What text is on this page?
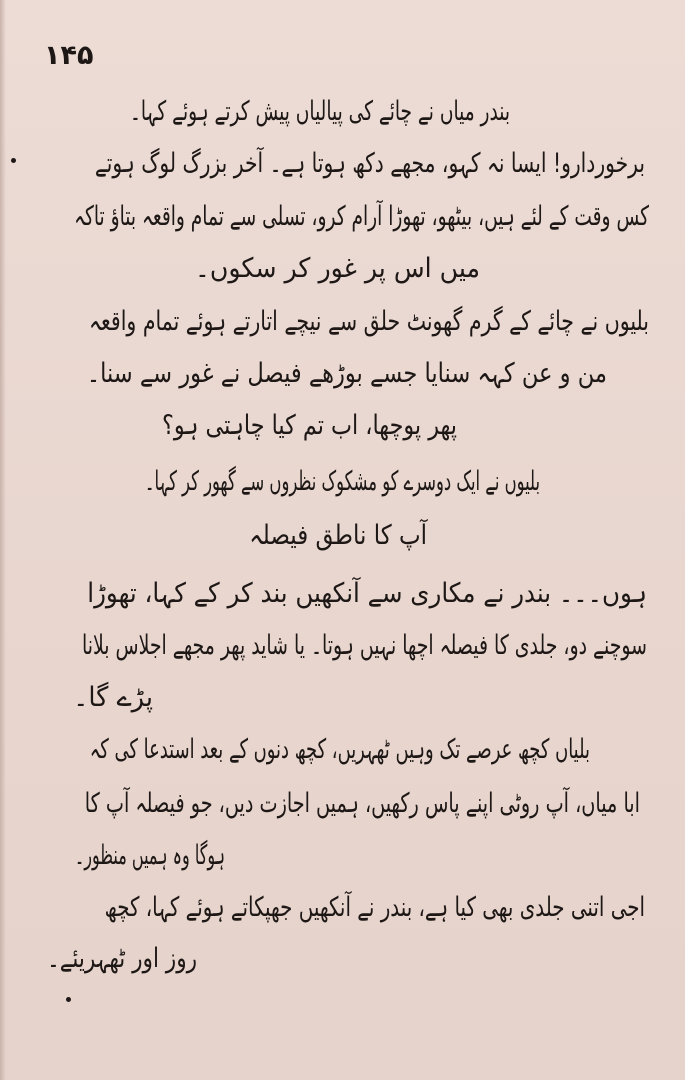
۱۴۵
بندر میاں نے چائے کی پیالیاں پیش کرتے ہوئے کہا۔
برخوردارو! ایسا نہ کہو، مجھے دکھ ہوتا ہے۔ آخر بزرگ لوگ ہوتے
کس وقت کے لئے ہیں، بیٹھو، تھوڑا آرام کرو، تسلی سے تمام واقعہ بتاؤ تاکہ
میں اس پر غور کر سکوں۔
بلیوں نے چائے کے گرم گھونٹ حلق سے نیچے اتارتے ہوئے تمام واقعہ
من و عن کہہ سنایا جسے بوڑھے فیصل نے غور سے سنا۔
پھر پوچھا، اب تم کیا چاہتی ہو؟
بلیوں نے ایک دوسرے کو مشکوک نظروں سے گھور کر کہا۔
آپ کا ناطق فیصلہ
ہوں۔۔۔ بندر نے مکاری سے آنکھیں بند کر کے کہا، تھوڑا
سوچنے دو، جلدی کا فیصلہ اچھا نہیں ہوتا۔ یا شاید پھر مجھے اجلاس بلانا
پڑے گا۔
بلیاں کچھ عرصے تک وہیں ٹھہریں، کچھ دنوں کے بعد استدعا کی کہ
ابا میاں، آپ روٹی اپنے پاس رکھیں، ہمیں اجازت دیں، جو فیصلہ آپ کا
ہوگا وہ ہمیں منظور۔
اجی اتنی جلدی بھی کیا ہے، بندر نے آنکھیں جھپکاتے ہوئے کہا، کچھ
روز اور ٹھہریئے۔
